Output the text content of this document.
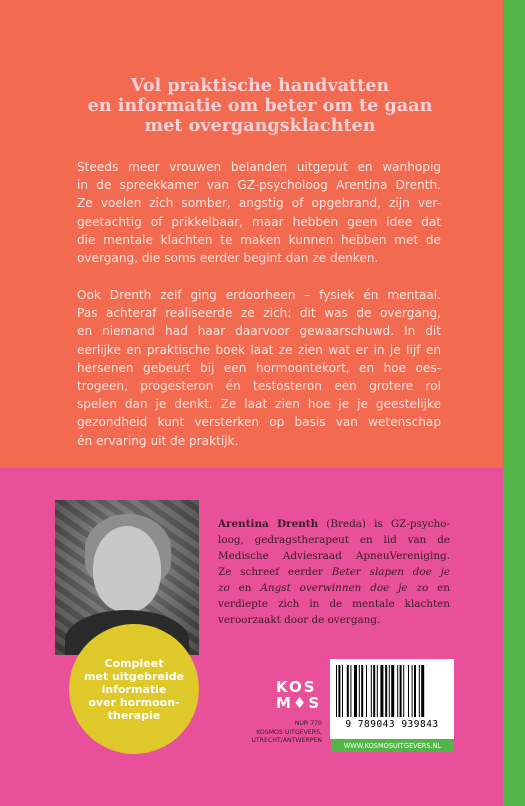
Vol praktische handvatten
en informatie om beter om te gaan
met overgangsklachten
Steeds meer vrouwen belanden uitgeput en wanhopig
in de spreekkamer van GZ-psycholoog Arentina Drenth.
Ze voelen zich somber, angstig of opgebrand, zijn ver-
geetachtig of prikkelbaar, maar hebben geen idee dat
die mentale klachten te maken kunnen hebben met de
overgang, die soms eerder begint dan ze denken.
Ook Drenth zelf ging erdoorheen – fysiek én mentaal.
Pas achteraf realiseerde ze zich: dit was de overgang,
en niemand had haar daarvoor gewaarschuwd. In dit
eerlijke en praktische boek laat ze zien wat er in je lijf en
hersenen gebeurt bij een hormoontekort, en hoe oes-
trogeen, progesteron én testosteron een grotere rol
spelen dan je denkt. Ze laat zien hoe je je geestelijke
gezondheid kunt versterken op basis van wetenschap
én ervaring uit de praktijk.
Compleet
met uitgebreide
informatie
over hormoon-
therapie
Arentina Drenth (Breda) is GZ-psycho-
loog, gedragstherapeut en lid van de
Medische Adviesraad ApneuVereniging.
Ze schreef eerder Beter slapen doe je
zo en Angst overwinnen doe je zo en
verdiepte zich in de mentale klachten
veroorzaakt door de overgang.
KOS
M♦S
NUR 770
KOSMOS UITGEVERS,
UTRECHT/ANTWERPEN
9 789043 939843
WWW.KOSMOSUITGEVERS.NL
